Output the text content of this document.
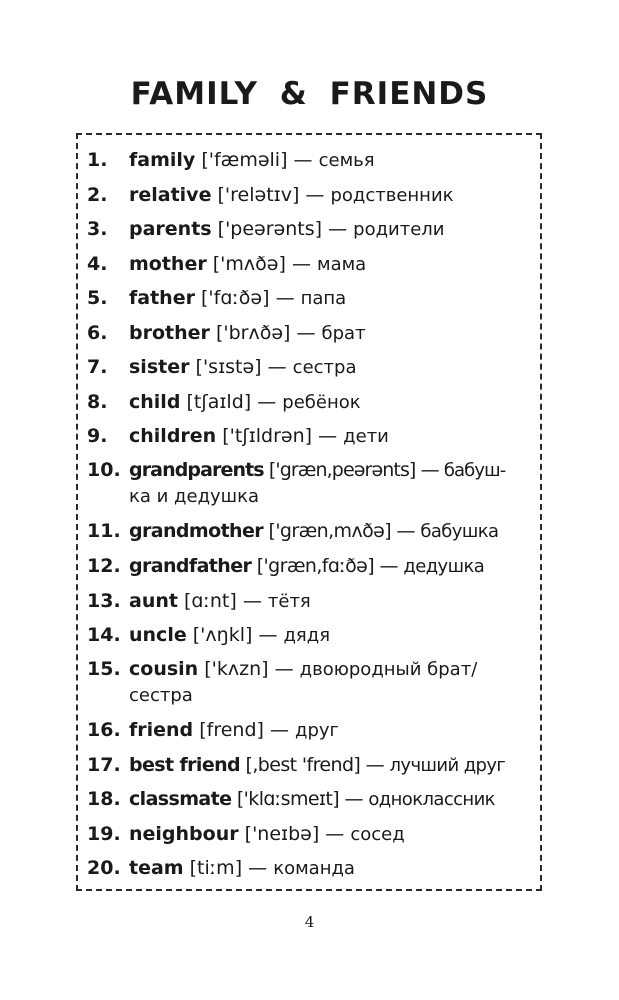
FAMILY & FRIENDS
1.	family ['fæməli] — семья
2.	relative ['relətɪv] — родственник
3.	parents ['peərənts] — родители
4.	mother ['mʌðə] — мама
5.	father ['fɑːðə] — папа
6.	brother ['brʌðə] — брат
7.	sister ['sɪstə] — сестра
8.	child [tʃaɪld] — ребёнок
9.	children ['tʃɪldrən] — дети
10. grandparents ['græn,peərənts] — бабуш-
ка и дедушка
11. grandmother ['græn,mʌðə] — бабушка
12. grandfather ['græn,fɑːðə] — дедушка
13. aunt [ɑːnt] — тётя
14. uncle ['ʌŋkl] — дядя
15. cousin ['kʌzn] — двоюродный брат/
сестра
16. friend [frend] — друг
17. best friend [,best 'frend] — лучший друг
18. classmate ['klɑːsmeɪt] — одноклассник
19. neighbour ['neɪbə] — сосед
20. team [tiːm] — команда
4
